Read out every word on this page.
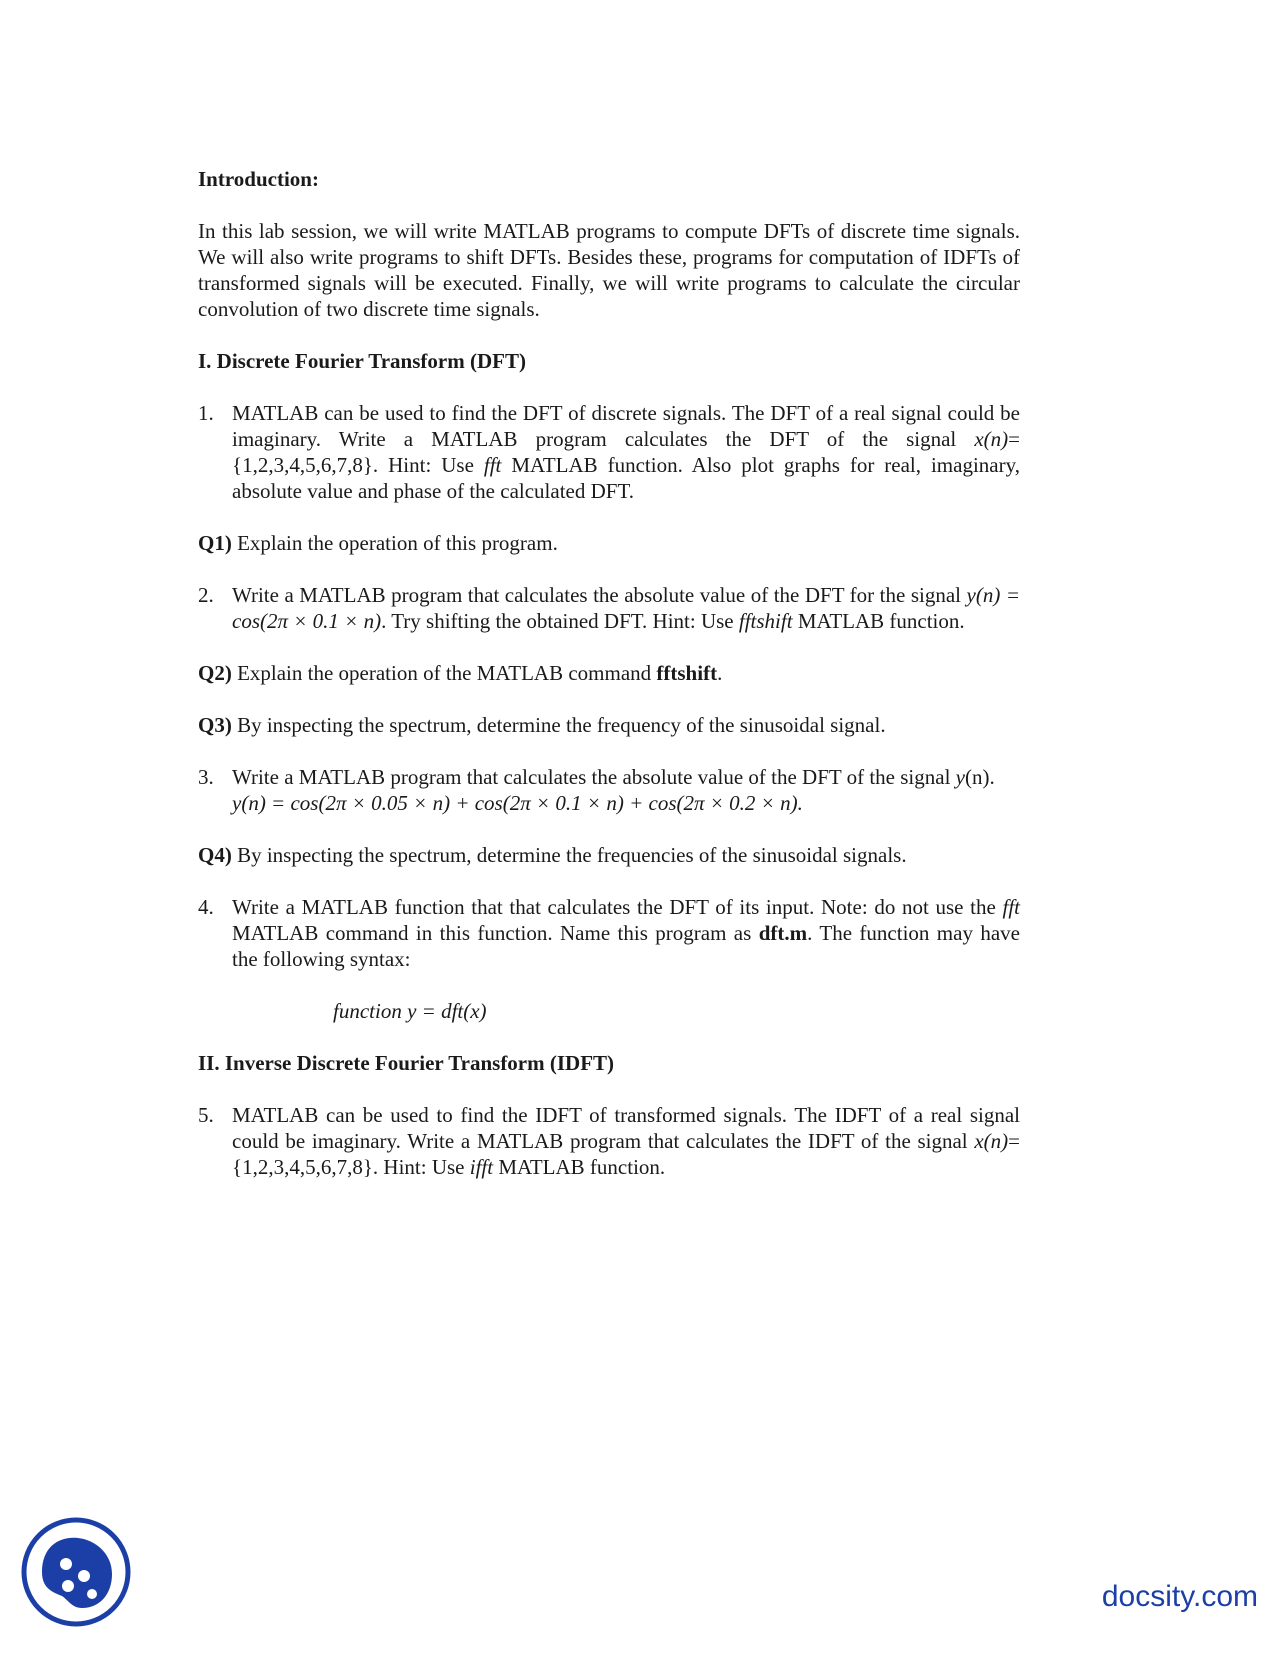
Introduction:

In this lab session, we will write MATLAB programs to compute DFTs of discrete time signals. We will also write programs to shift DFTs. Besides these, programs for computation of IDFTs of transformed signals will be executed. Finally, we will write programs to calculate the circular convolution of two discrete time signals.

I. Discrete Fourier Transform (DFT)

1. MATLAB can be used to find the DFT of discrete signals. The DFT of a real signal could be imaginary. Write a MATLAB program calculates the DFT of the signal x(n)={1,2,3,4,5,6,7,8}. Hint: Use fft MATLAB function. Also plot graphs for real, imaginary, absolute value and phase of the calculated DFT.

Q1) Explain the operation of this program.

2. Write a MATLAB program that calculates the absolute value of the DFT for the signal y(n) = cos(2π × 0.1 × n). Try shifting the obtained DFT. Hint: Use fftshift MATLAB function.

Q2) Explain the operation of the MATLAB command fftshift.

Q3) By inspecting the spectrum, determine the frequency of the sinusoidal signal.

3. Write a MATLAB program that calculates the absolute value of the DFT of the signal y(n).
y(n) = cos(2π × 0.05 × n) + cos(2π × 0.1 × n) + cos(2π × 0.2 × n).

Q4) By inspecting the spectrum, determine the frequencies of the sinusoidal signals.

4. Write a MATLAB function that that calculates the DFT of its input. Note: do not use the fft MATLAB command in this function. Name this program as dft.m. The function may have the following syntax:
function y = dft(x)

II. Inverse Discrete Fourier Transform (IDFT)

5. MATLAB can be used to find the IDFT of transformed signals. The IDFT of a real signal could be imaginary. Write a MATLAB program that calculates the IDFT of the signal x(n)={1,2,3,4,5,6,7,8}. Hint: Use ifft MATLAB function.
docsity.com
